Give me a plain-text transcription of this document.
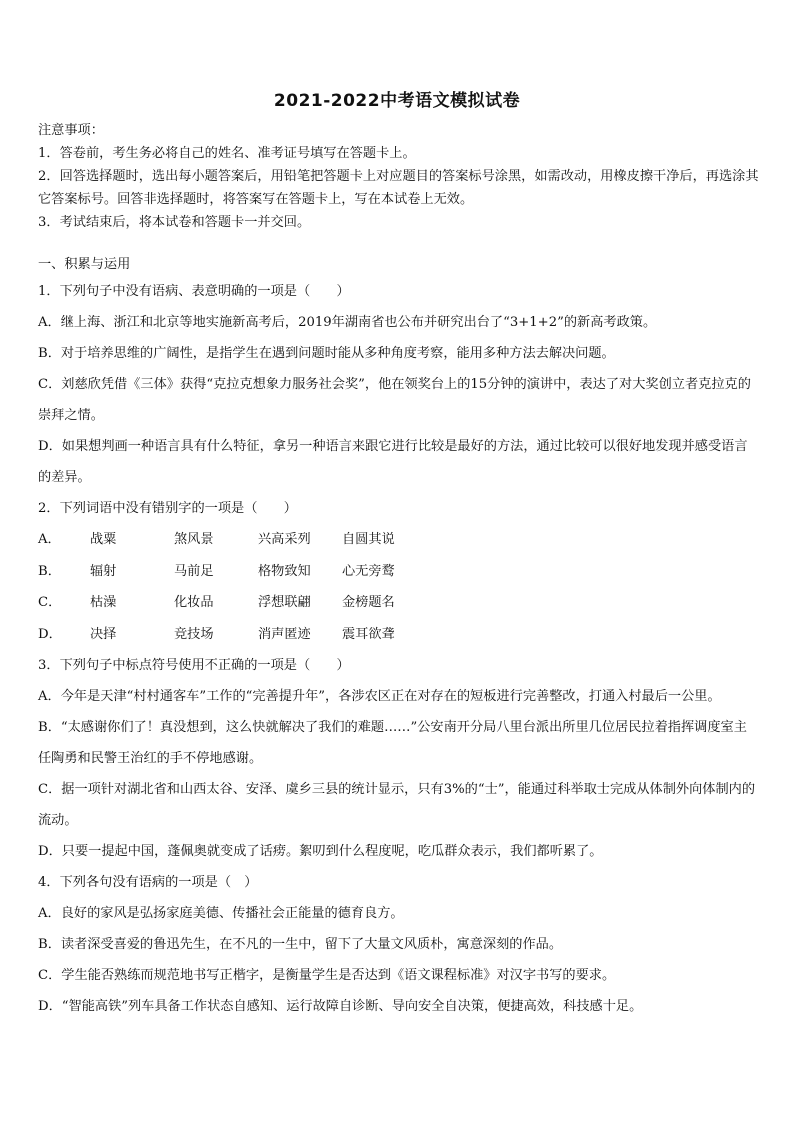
2021-2022中考语文模拟试卷
注意事项：
1．答卷前，考生务必将自己的姓名、准考证号填写在答题卡上。
2．回答选择题时，选出每小题答案后，用铅笔把答题卡上对应题目的答案标号涂黑，如需改动，用橡皮擦干净后，再选涂其它答案标号。回答非选择题时，将答案写在答题卡上，写在本试卷上无效。
3．考试结束后，将本试卷和答题卡一并交回。
一、积累与运用
1．下列句子中没有语病、表意明确的一项是（　　）
A．继上海、浙江和北京等地实施新高考后，2019年湖南省也公布并研究出台了“3+1+2”的新高考政策。
B．对于培养思维的广阔性，是指学生在遇到问题时能从多种角度考察，能用多种方法去解决问题。
C．刘慈欣凭借《三体》获得“克拉克想象力服务社会奖”，他在领奖台上的15分钟的演讲中，表达了对大奖创立者克拉克的崇拜之情。
D．如果想判画一种语言具有什么特征，拿另一种语言来跟它进行比较是最好的方法，通过比较可以很好地发现并感受语言的差异。
2．下列词语中没有错别字的一项是（　　）
A．	战粟	煞风景	兴高采列	自圆其说
B．	辐射	马前足	格物致知	心无旁鹜
C．	枯澡	化妆品	浮想联翩	金榜题名
D．	决择	竞技场	消声匿迹	震耳欲聋
3．下列句子中标点符号使用不正确的一项是（　　）
A．今年是天津“村村通客车”工作的“完善提升年”，各涉农区正在对存在的短板进行完善整改，打通入村最后一公里。
B．“太感谢你们了！真没想到，这么快就解决了我们的难题……”公安南开分局八里台派出所里几位居民拉着指挥调度室主任陶勇和民警王治红的手不停地感谢。
C．据一项针对湖北省和山西太谷、安泽、虞乡三县的统计显示，只有3%的“士”，能通过科举取士完成从体制外向体制内的流动。
D．只要一提起中国，蓬佩奥就变成了话痨。絮叨到什么程度呢，吃瓜群众表示，我们都听累了。
4．下列各句没有语病的一项是（　）
A．良好的家风是弘扬家庭美德、传播社会正能量的德育良方。
B．读者深受喜爱的鲁迅先生，在不凡的一生中，留下了大量文风质朴，寓意深刻的作品。
C．学生能否熟练而规范地书写正楷字，是衡量学生是否达到《语文课程标准》对汉字书写的要求。
D．“智能高铁”列车具备工作状态自感知、运行故障自诊断、导向安全自决策，便捷高效，科技感十足。
